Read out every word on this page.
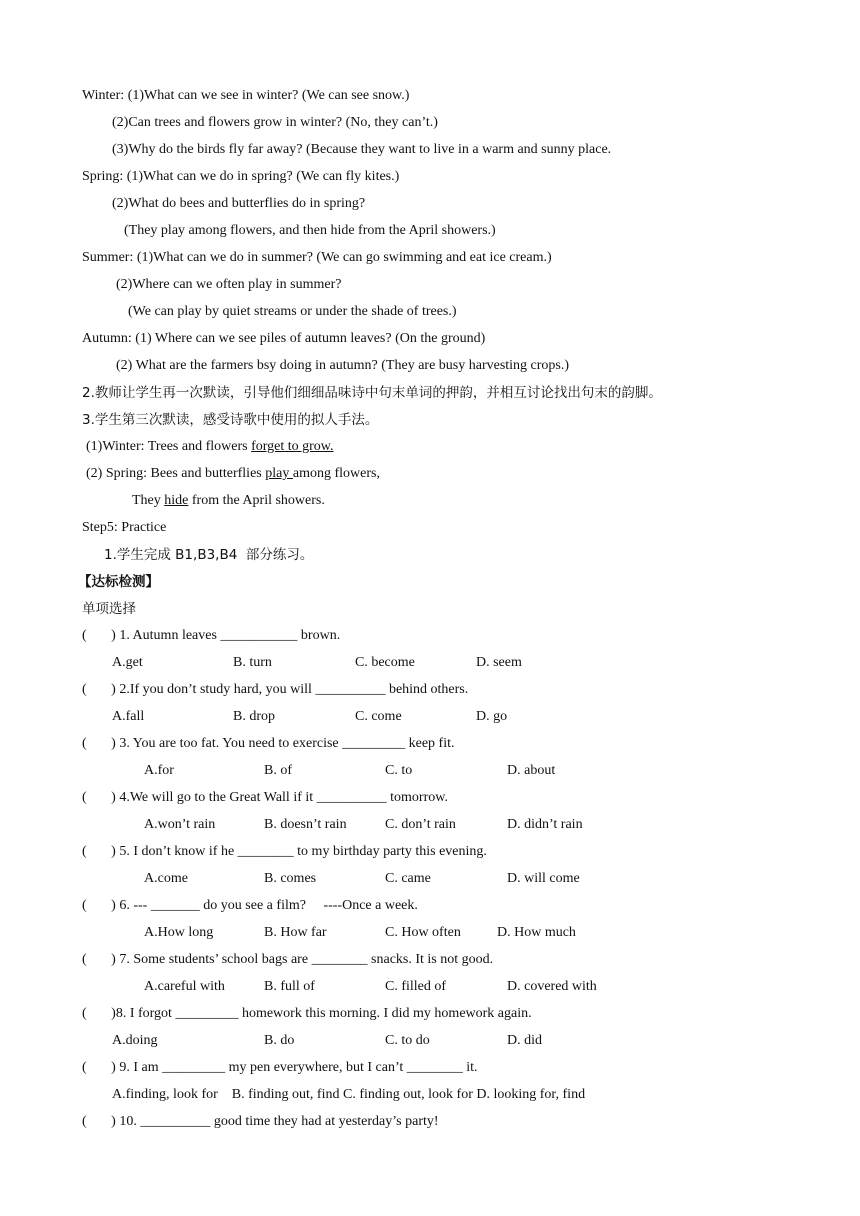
Winter: (1)What can we see in winter? (We can see snow.)
(2)Can trees and flowers grow in winter? (No, they can’t.)
(3)Why do the birds fly far away? (Because they want to live in a warm and sunny place.
Spring: (1)What can we do in spring? (We can fly kites.)
(2)What do bees and butterflies do in spring?
(They play among flowers, and then hide from the April showers.)
Summer: (1)What can we do in summer? (We can go swimming and eat ice cream.)
(2)Where can we often play in summer?
(We can play by quiet streams or under the shade of trees.)
Autumn: (1) Where can we see piles of autumn leaves? (On the ground)
(2) What are the farmers bsy doing in autumn? (They are busy harvesting crops.)
2.教师让学生再一次默读，引导他们细细品味诗中句末单词的押韵，并相互讨论找出句末的韵脚。
3.学生第三次默读，感受诗歌中使用的拟人手法。
(1)Winter: Trees and flowers forget to grow.
(2) Spring: Bees and butterflies play among flowers,
They hide from the April showers.
Step5: Practice
1.学生完成 B1,B3,B4  部分练习。
【达标检测】
单项选择
(       ) 1. Autumn leaves ___________ brown.
A.get	B. turn	C. become	D. seem
(       ) 2.If you don’t study hard, you will __________ behind others.
A.fall	B. drop	C. come	D. go
(       ) 3. You are too fat. You need to exercise _________ keep fit.
A.for	B. of	C. to	D. about
(       ) 4.We will go to the Great Wall if it __________ tomorrow.
A.won’t rain	B. doesn’t rain	C. don’t rain	D. didn’t rain
(       ) 5. I don’t know if he ________ to my birthday party this evening.
A.come	B. comes	C. came	D. will come
(       ) 6. --- _______ do you see a film?     ----Once a week.
A.How long	B. How far	C. How often	D. How much
(       ) 7. Some students’ school bags are ________ snacks. It is not good.
A.careful with	B. full of	C. filled of	D. covered with
(       )8. I forgot _________ homework this morning. I did my homework again.
A.doing	B. do	C. to do	D. did
(       ) 9. I am _________ my pen everywhere, but I can’t ________ it.
A.finding, look for    B. finding out, find C. finding out, look for D. looking for, find
(       ) 10. __________ good time they had at yesterday’s party!
